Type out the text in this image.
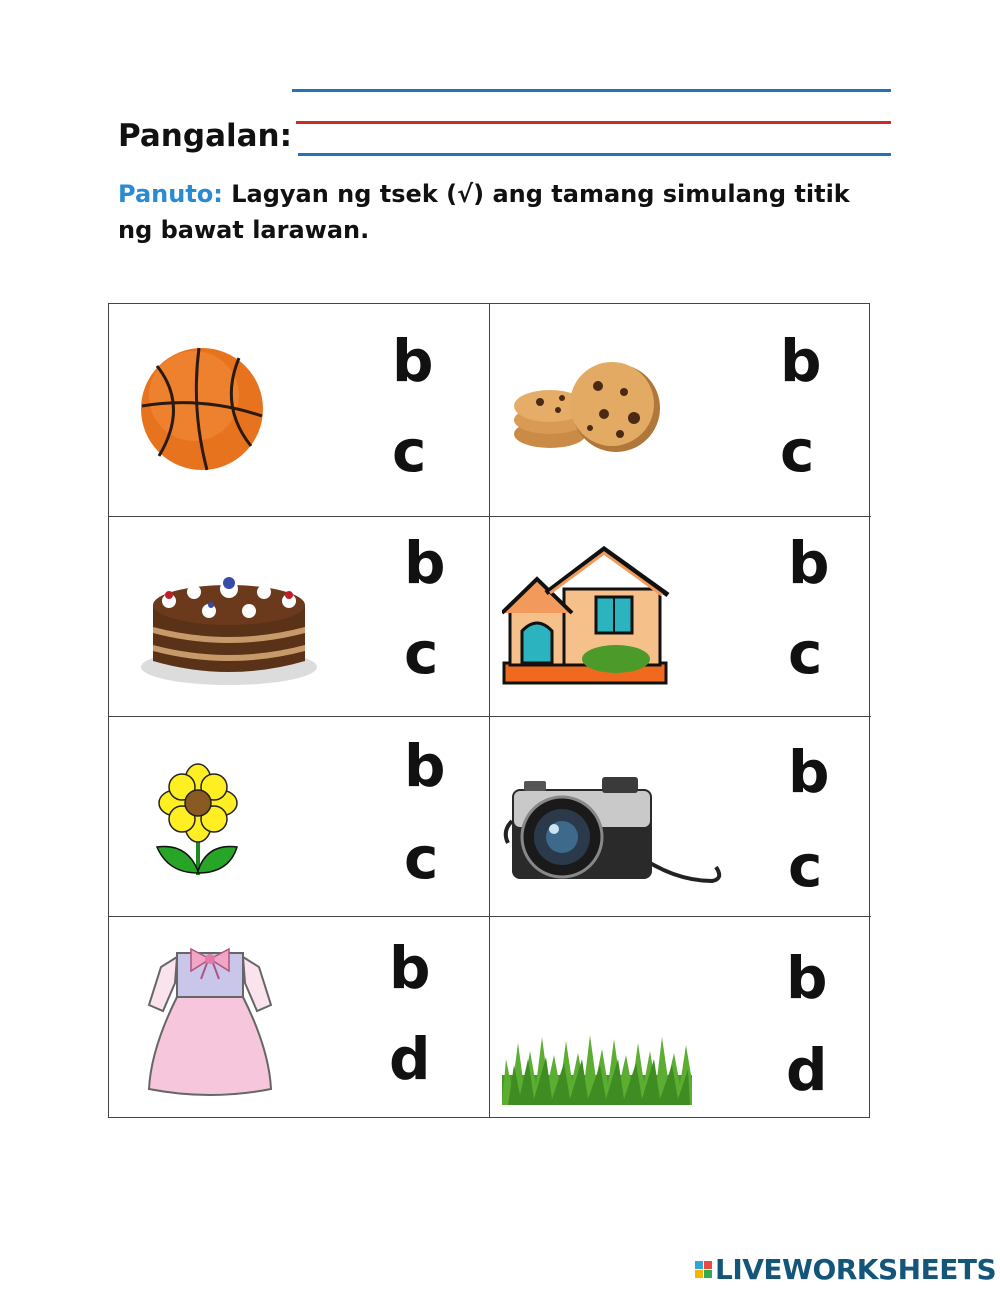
Pangalan:
Panuto: Lagyan ng tsek (√) ang tamang simulang titik ng bawat larawan.
b
c
b
c
b
c
b
c
b
c
b
c
b
d
b
d
LIVEWORKSHEETS
